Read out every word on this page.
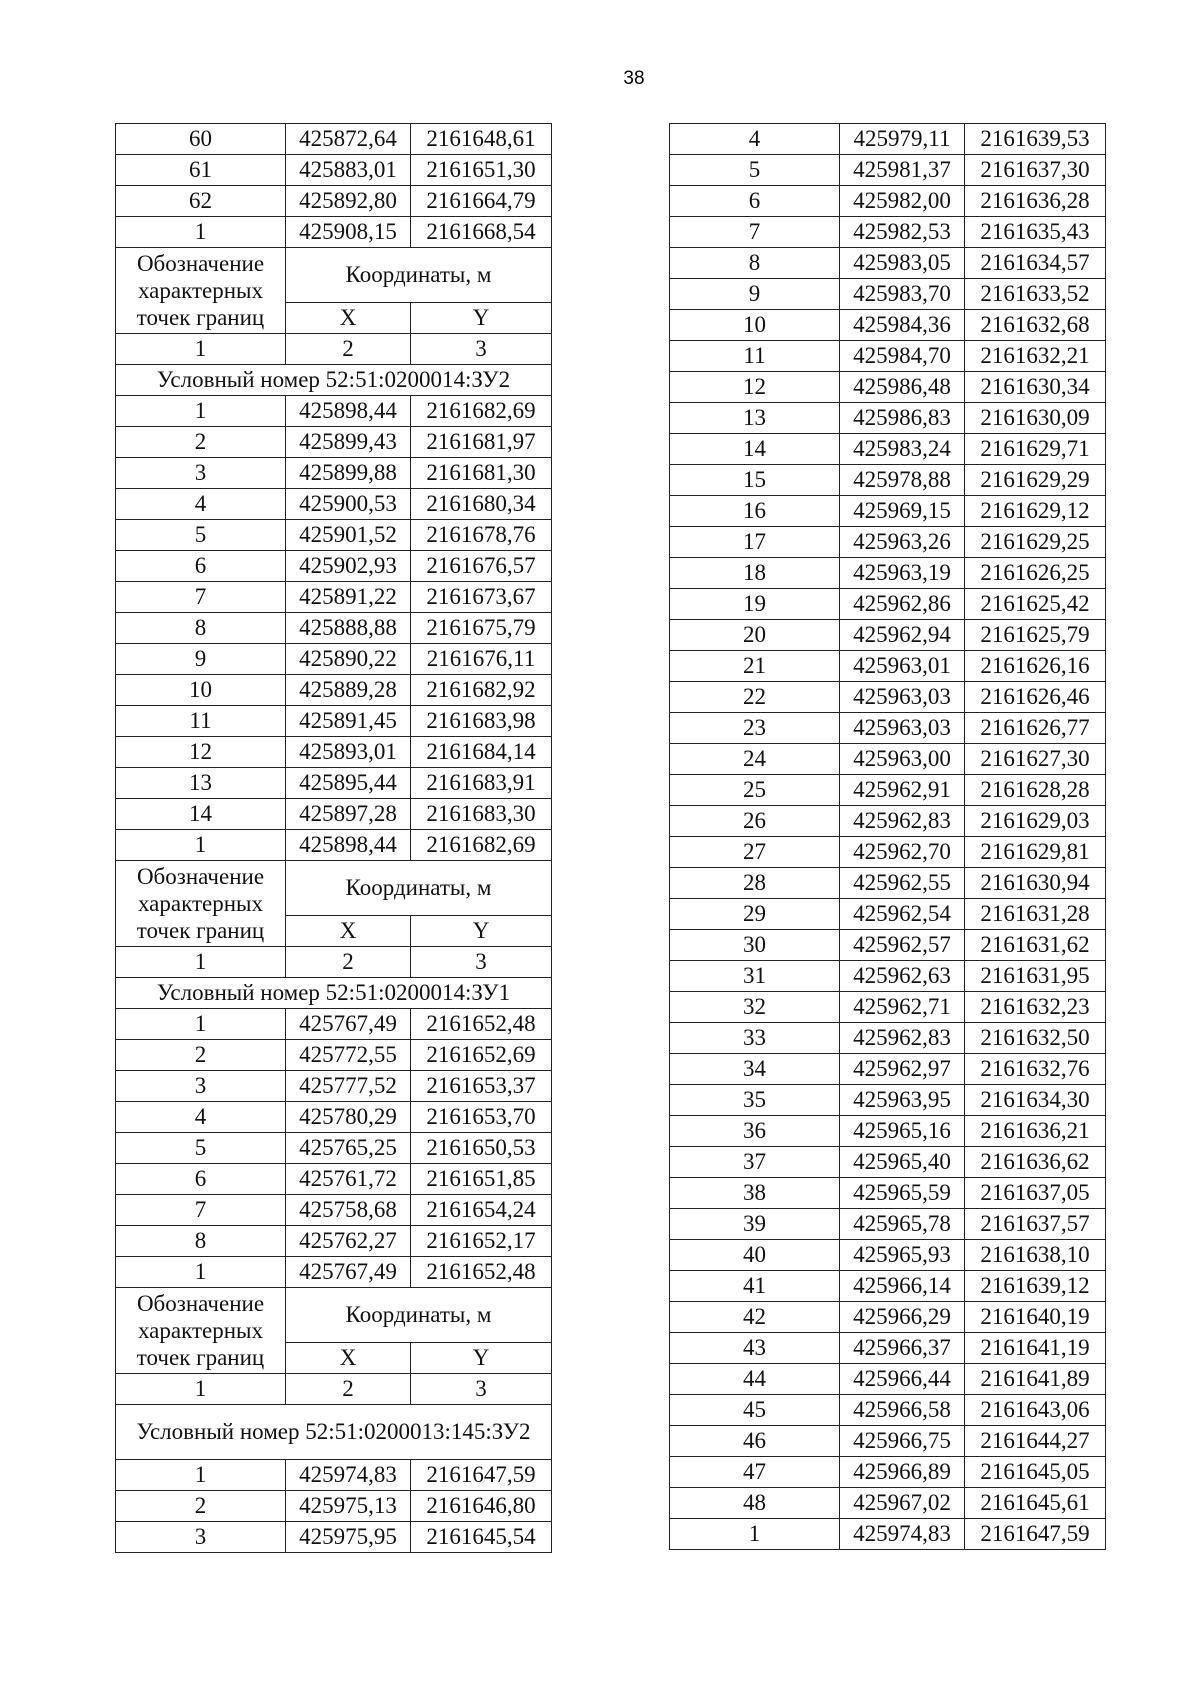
38
60	425872,64	2161648,61
61	425883,01	2161651,30
62	425892,80	2161664,79
1	425908,15	2161668,54
Обозначение характерных точек границ	Координаты, м	
	X	Y
1	2	3
Условный номер 52:51:0200014:ЗУ2		
1	425898,44	2161682,69
2	425899,43	2161681,97
3	425899,88	2161681,30
4	425900,53	2161680,34
5	425901,52	2161678,76
6	425902,93	2161676,57
7	425891,22	2161673,67
8	425888,88	2161675,79
9	425890,22	2161676,11
10	425889,28	2161682,92
11	425891,45	2161683,98
12	425893,01	2161684,14
13	425895,44	2161683,91
14	425897,28	2161683,30
1	425898,44	2161682,69
Обозначение характерных точек границ	Координаты, м	
	X	Y
1	2	3
Условный номер 52:51:0200014:ЗУ1		
1	425767,49	2161652,48
2	425772,55	2161652,69
3	425777,52	2161653,37
4	425780,29	2161653,70
5	425765,25	2161650,53
6	425761,72	2161651,85
7	425758,68	2161654,24
8	425762,27	2161652,17
1	425767,49	2161652,48
Обозначение характерных точек границ	Координаты, м	
	X	Y
1	2	3
Условный номер 52:51:0200013:145:ЗУ2		
1	425974,83	2161647,59
2	425975,13	2161646,80
3	425975,95	2161645,54
4	425979,11	2161639,53
5	425981,37	2161637,30
6	425982,00	2161636,28
7	425982,53	2161635,43
8	425983,05	2161634,57
9	425983,70	2161633,52
10	425984,36	2161632,68
11	425984,70	2161632,21
12	425986,48	2161630,34
13	425986,83	2161630,09
14	425983,24	2161629,71
15	425978,88	2161629,29
16	425969,15	2161629,12
17	425963,26	2161629,25
18	425963,19	2161626,25
19	425962,86	2161625,42
20	425962,94	2161625,79
21	425963,01	2161626,16
22	425963,03	2161626,46
23	425963,03	2161626,77
24	425963,00	2161627,30
25	425962,91	2161628,28
26	425962,83	2161629,03
27	425962,70	2161629,81
28	425962,55	2161630,94
29	425962,54	2161631,28
30	425962,57	2161631,62
31	425962,63	2161631,95
32	425962,71	2161632,23
33	425962,83	2161632,50
34	425962,97	2161632,76
35	425963,95	2161634,30
36	425965,16	2161636,21
37	425965,40	2161636,62
38	425965,59	2161637,05
39	425965,78	2161637,57
40	425965,93	2161638,10
41	425966,14	2161639,12
42	425966,29	2161640,19
43	425966,37	2161641,19
44	425966,44	2161641,89
45	425966,58	2161643,06
46	425966,75	2161644,27
47	425966,89	2161645,05
48	425967,02	2161645,61
1	425974,83	2161647,59
